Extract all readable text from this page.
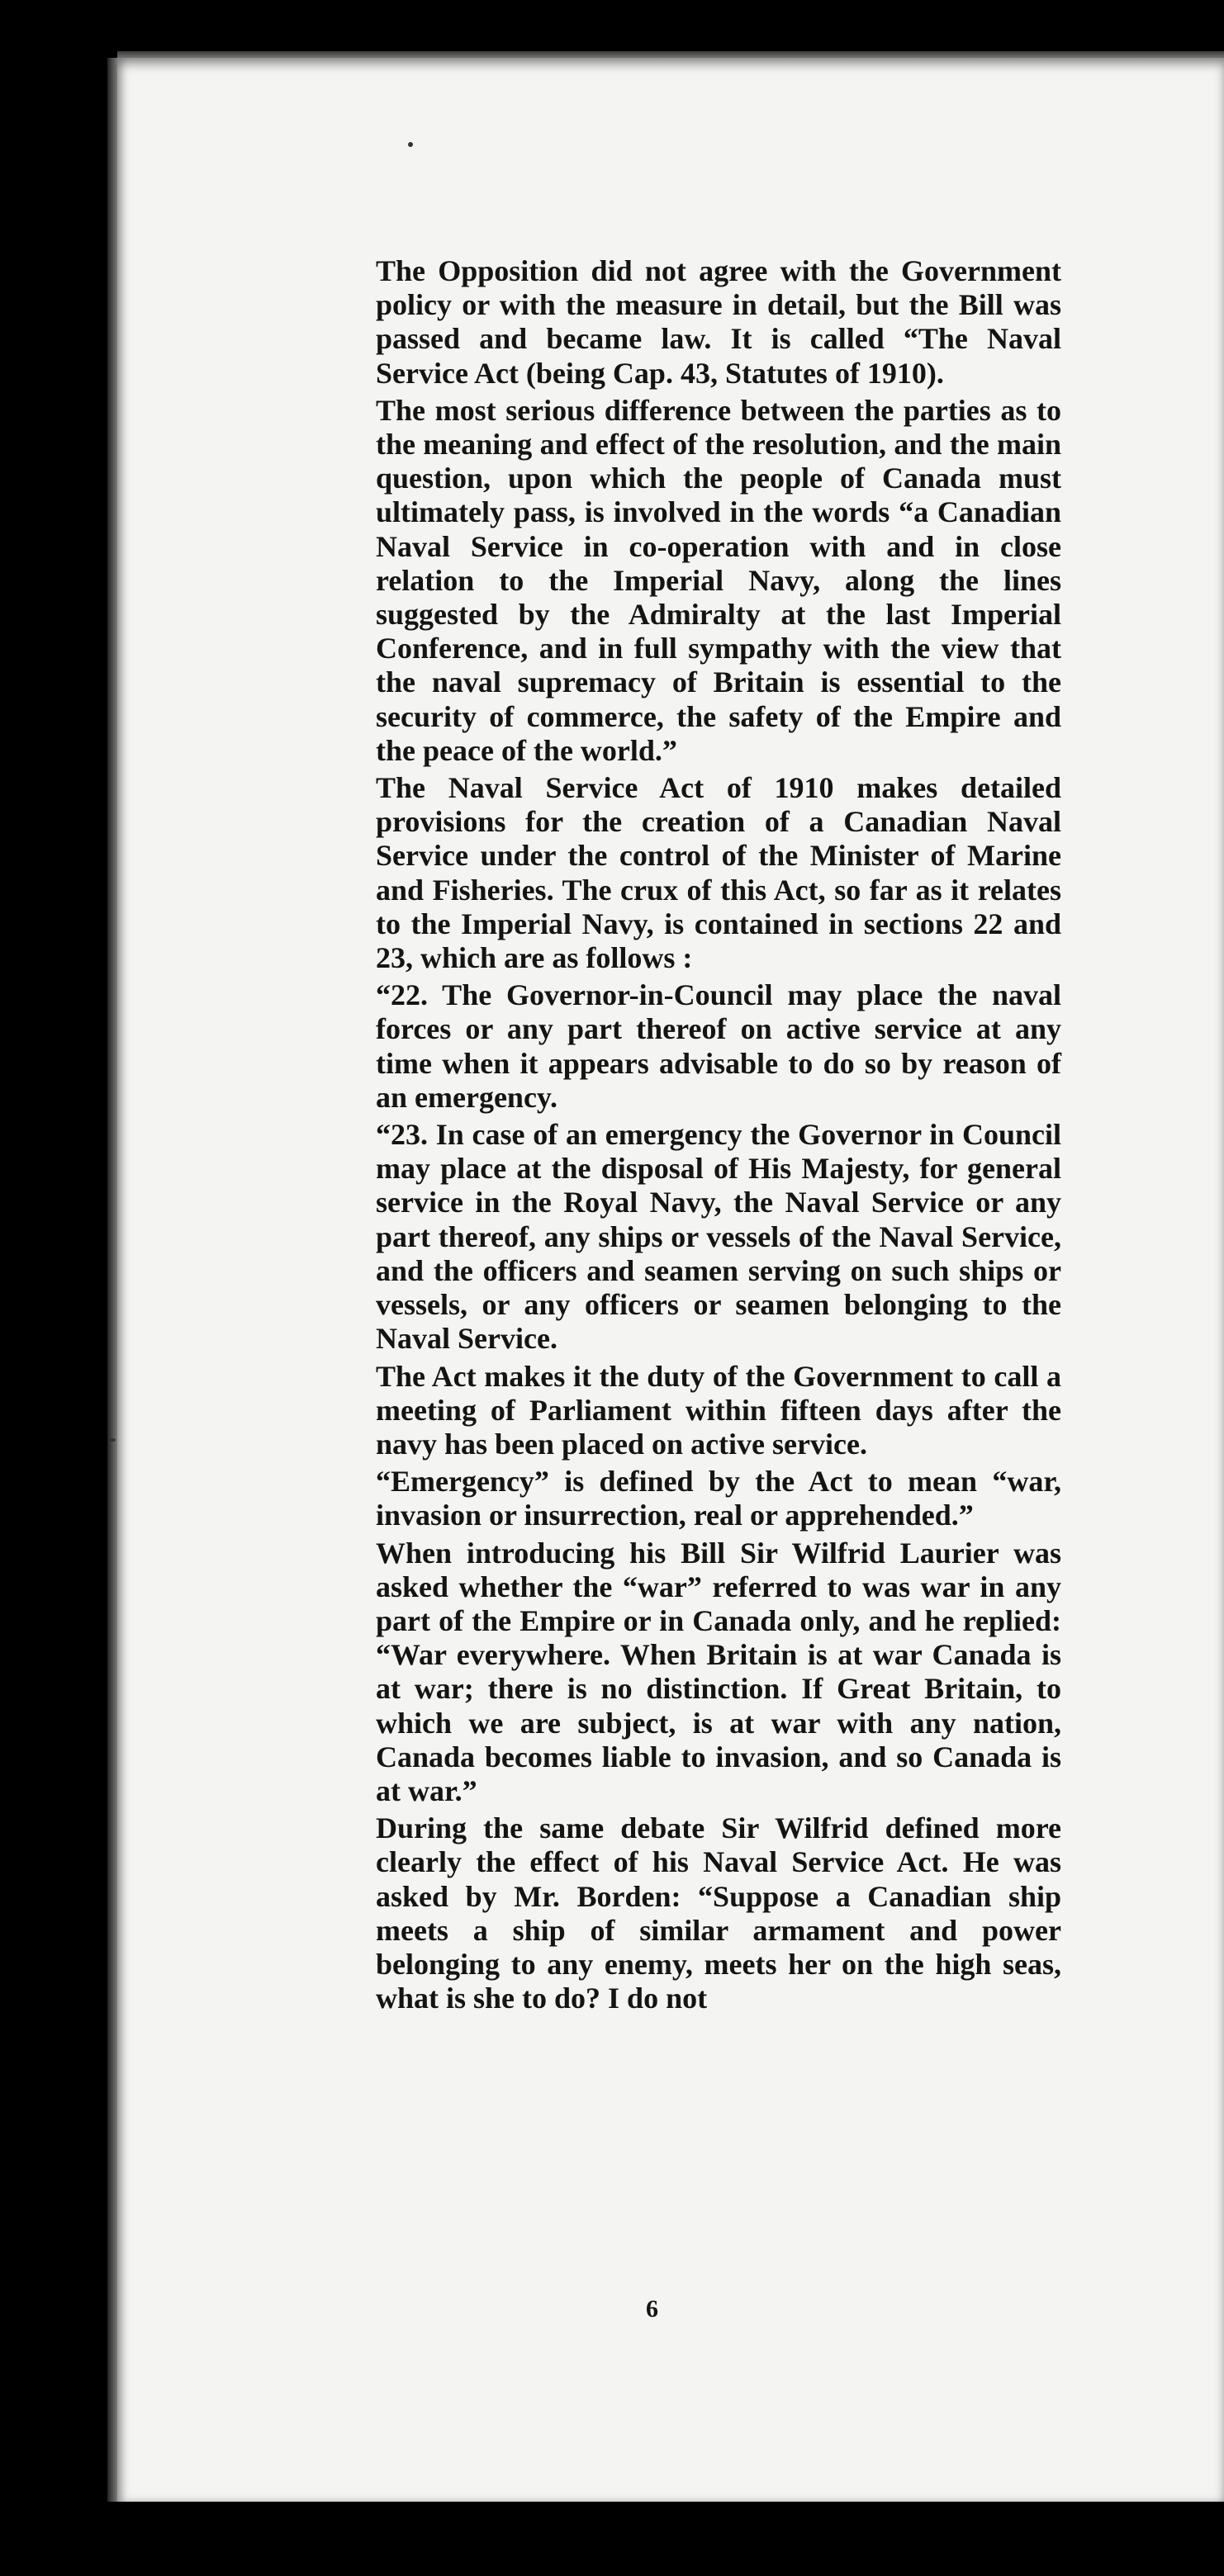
The Opposition did not agree with the Government policy or with the measure in detail, but the Bill was passed and became law. It is called “The Naval Service Act (being Cap. 43, Statutes of 1910).

The most serious difference between the parties as to the meaning and effect of the resolution, and the main question, upon which the people of Canada must ultimately pass, is involved in the words “a Canadian Naval Service in co-operation with and in close relation to the Imperial Navy, along the lines suggested by the Admiralty at the last Imperial Conference, and in full sympathy with the view that the naval supremacy of Britain is essential to the security of commerce, the safety of the Empire and the peace of the world.”

The Naval Service Act of 1910 makes detailed provisions for the creation of a Canadian Naval Service under the control of the Minister of Marine and Fisheries. The crux of this Act, so far as it relates to the Imperial Navy, is contained in sections 22 and 23, which are as follows :

“22. The Governor-in-Council may place the naval forces or any part thereof on active service at any time when it appears advisable to do so by reason of an emergency.

“23. In case of an emergency the Governor in Council may place at the disposal of His Majesty, for general service in the Royal Navy, the Naval Service or any part thereof, any ships or vessels of the Naval Service, and the officers and seamen serving on such ships or vessels, or any officers or seamen belonging to the Naval Service.

The Act makes it the duty of the Government to call a meeting of Parliament within fifteen days after the navy has been placed on active service.

“Emergency” is defined by the Act to mean “war, invasion or insurrection, real or apprehended.”

When introducing his Bill Sir Wilfrid Laurier was asked whether the “war” referred to was war in any part of the Empire or in Canada only, and he replied: “War everywhere. When Britain is at war Canada is at war; there is no distinction. If Great Britain, to which we are subject, is at war with any nation, Canada becomes liable to invasion, and so Canada is at war.”

During the same debate Sir Wilfrid defined more clearly the effect of his Naval Service Act. He was asked by Mr. Borden: “Suppose a Canadian ship meets a ship of similar armament and power belonging to any enemy, meets her on the high seas, what is she to do? I do not

6
